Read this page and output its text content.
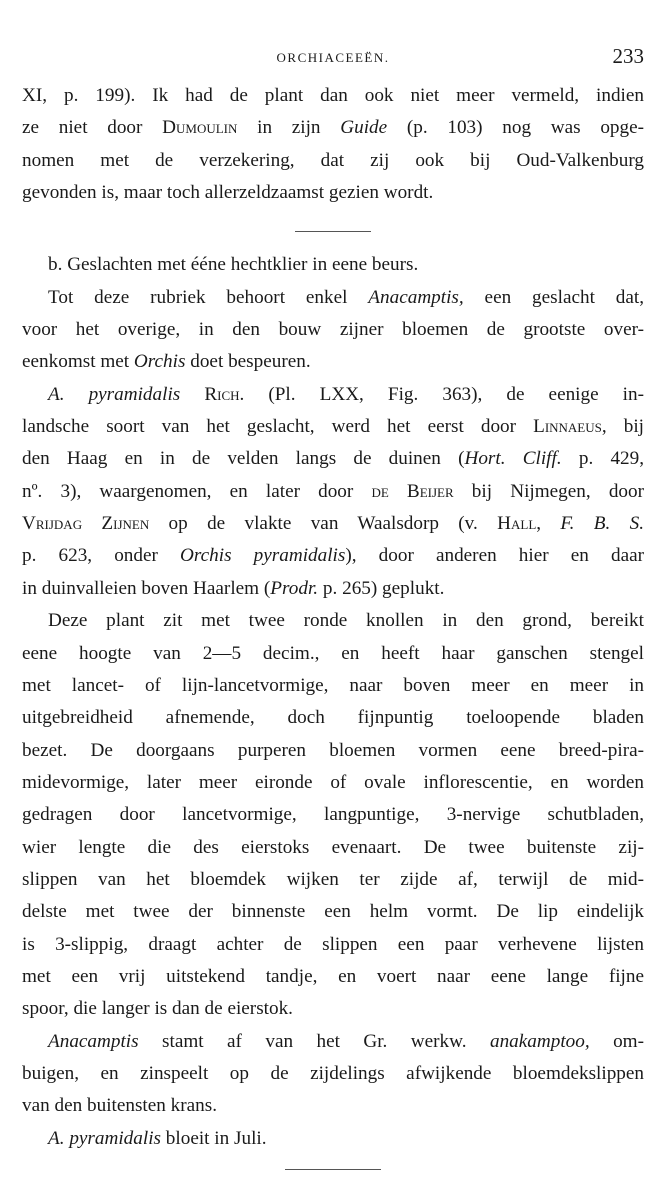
ORCHIACEEËN.	233
XI, p. 199). Ik had de plant dan ook niet meer vermeld, indien
ze niet door Dumoulin in zijn Guide (p. 103) nog was opge-
nomen met de verzekering, dat zij ook bij Oud-Valkenburg
gevonden is, maar toch allerzeldzaamst gezien wordt.
b. Geslachten met ééne hechtklier in eene beurs.
Tot deze rubriek behoort enkel Anacamptis, een geslacht dat,
voor het overige, in den bouw zijner bloemen de grootste over-
eenkomst met Orchis doet bespeuren.
A. pyramidalis Rich. (Pl. LXX, Fig. 363), de eenige in-
landsche soort van het geslacht, werd het eerst door Linnaeus, bij
den Haag en in de velden langs de duinen (Hort. Cliff. p. 429,
nº. 3), waargenomen, en later door de Beijer bij Nijmegen, door
Vrijdag Zijnen op de vlakte van Waalsdorp (v. Hall, F. B. S.
p. 623, onder Orchis pyramidalis), door anderen hier en daar
in duinvalleien boven Haarlem (Prodr. p. 265) geplukt.
Deze plant zit met twee ronde knollen in den grond, bereikt
eene hoogte van 2—5 decim., en heeft haar ganschen stengel
met lancet- of lijn-lancetvormige, naar boven meer en meer in
uitgebreidheid afnemende, doch fijnpuntig toeloopende bladen
bezet. De doorgaans purperen bloemen vormen eene breed-pira-
midevormige, later meer eironde of ovale inflorescentie, en worden
gedragen door lancetvormige, langpuntige, 3-nervige schutbladen,
wier lengte die des eierstoks evenaart. De twee buitenste zij-
slippen van het bloemdek wijken ter zijde af, terwijl de mid-
delste met twee der binnenste een helm vormt. De lip eindelijk
is 3-slippig, draagt achter de slippen een paar verhevene lijsten
met een vrij uitstekend tandje, en voert naar eene lange fijne
spoor, die langer is dan de eierstok.
Anacamptis stamt af van het Gr. werkw. anakamptoo, om-
buigen, en zinspeelt op de zijdelings afwijkende bloemdekslippen
van den buitensten krans.
A. pyramidalis bloeit in Juli.
